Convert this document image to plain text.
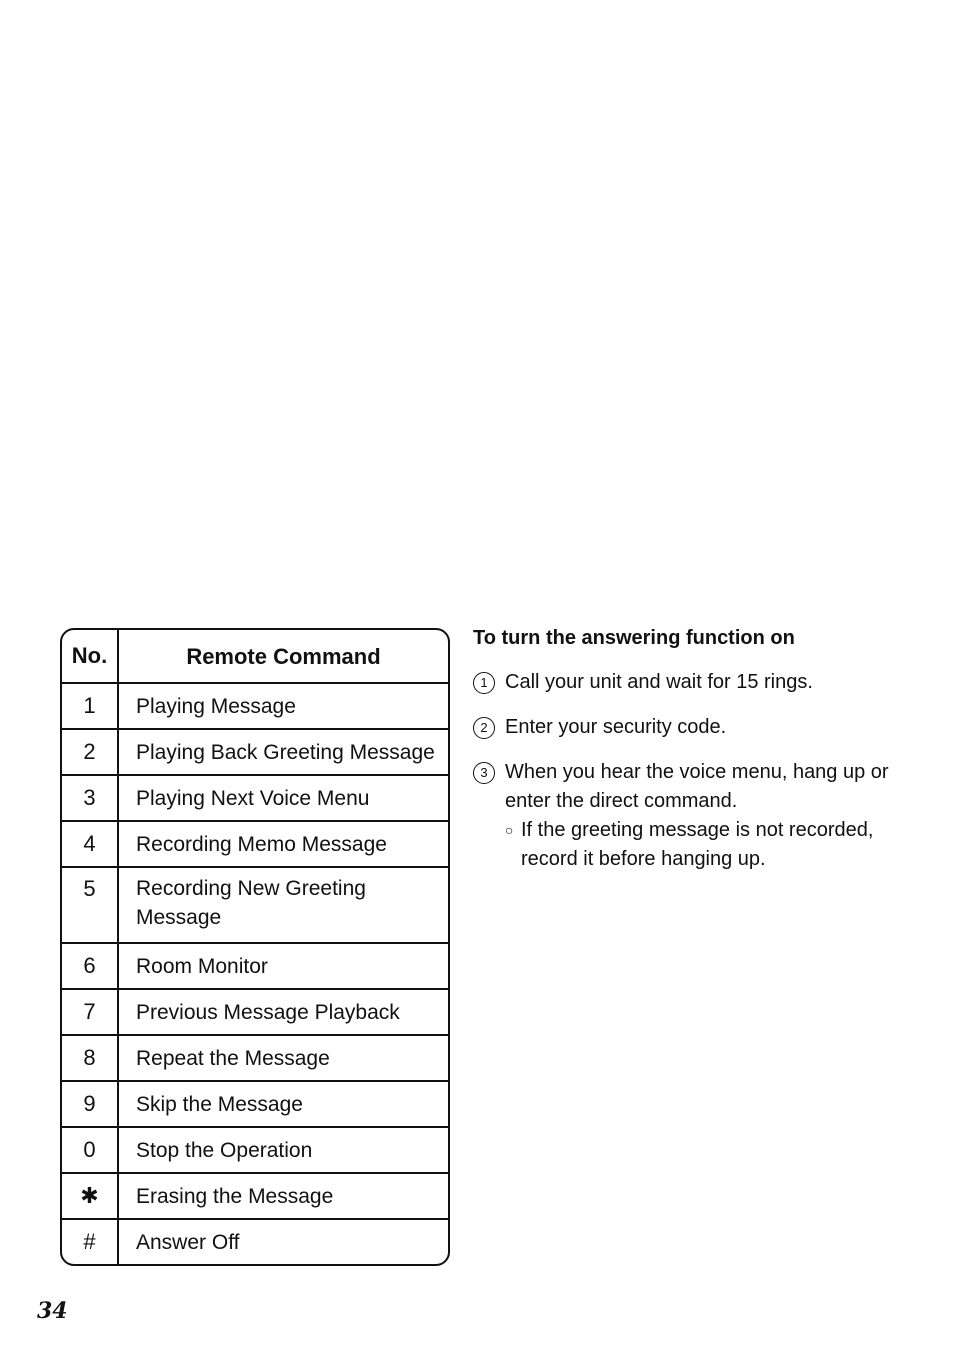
No.	Remote Command
1	Playing Message
2	Playing Back Greeting Message
3	Playing Next Voice Menu
4	Recording Memo Message
5	Recording New Greeting Message
6	Room Monitor
7	Previous Message Playback
8	Repeat the Message
9	Skip the Message
0	Stop the Operation
✱	Erasing the Message
#	Answer Off
To turn the answering function on
1 Call your unit and wait for 15 rings.
2 Enter your security code.
3 When you hear the voice menu, hang up or enter the direct command.
○ If the greeting message is not recorded, record it before hanging up.
34
